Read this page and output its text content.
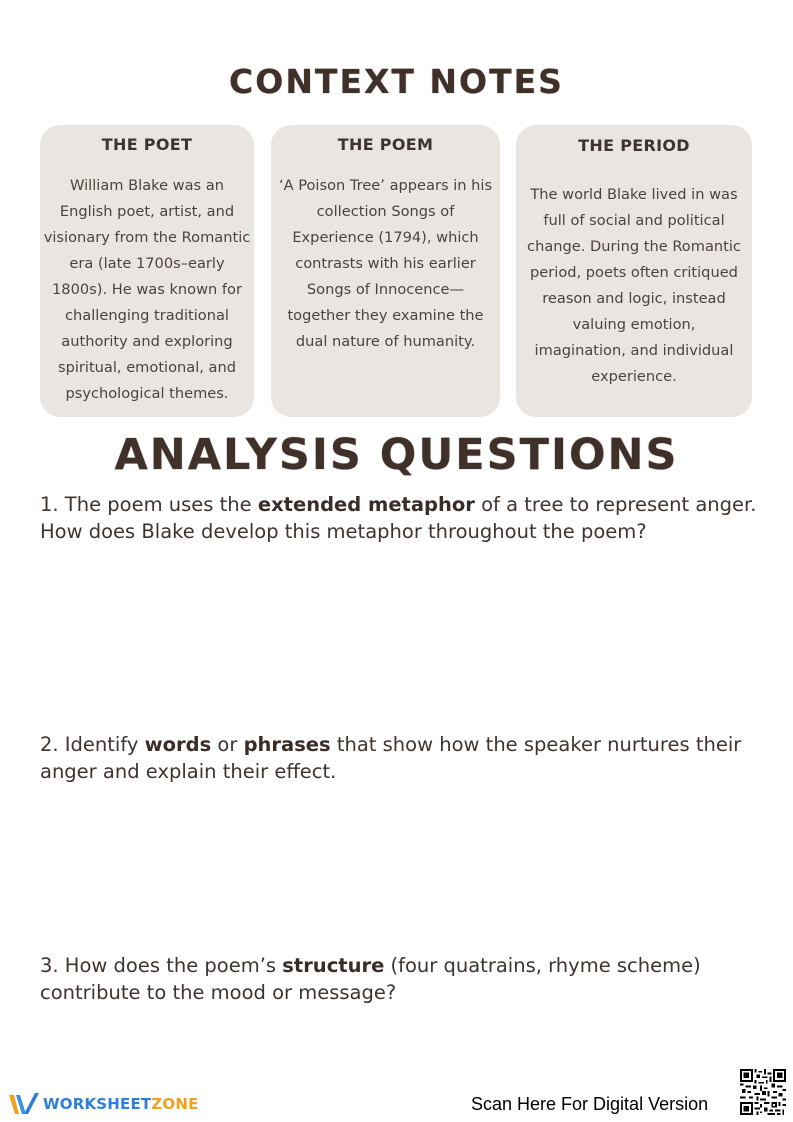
CONTEXT NOTES
THE POET

William Blake was an English poet, artist, and visionary from the Romantic era (late 1700s–early 1800s). He was known for challenging traditional authority and exploring spiritual, emotional, and psychological themes.

THE POEM

‘A Poison Tree’ appears in his collection Songs of Experience (1794), which contrasts with his earlier Songs of Innocence—together they examine the dual nature of humanity.

THE PERIOD

The world Blake lived in was full of social and political change. During the Romantic period, poets often critiqued reason and logic, instead valuing emotion, imagination, and individual experience.

ANALYSIS QUESTIONS
1. The poem uses the extended metaphor of a tree to represent anger. How does Blake develop this metaphor throughout the poem?
2. Identify words or phrases that show how the speaker nurtures their anger and explain their effect.
3. How does the poem’s structure (four quatrains, rhyme scheme) contribute to the mood or message?
WORKSHEETZONE	Scan Here For Digital Version
